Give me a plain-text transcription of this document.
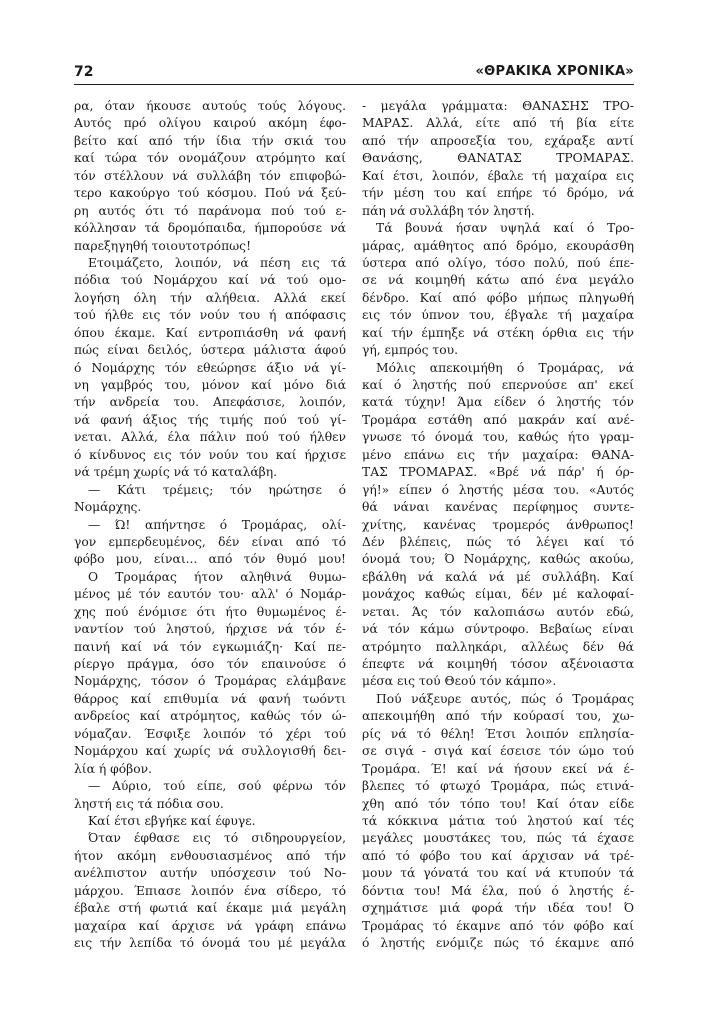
72	«ΘΡΑΚΙΚΑ ΧΡΟΝΙΚΑ»
ρα, όταν ήκουσε αυτούς τούς λόγους.
Αυτός πρό ολίγου καιρού ακόμη έφο-
βείτο καί από τήν ίδια τήν σκιά του
καί τώρα τόν ονομάζουν ατρόμητο καί
τόν στέλλουν νά συλλάβη τόν επιφοβώ-
τερο κακούργο τού κόσμου. Πού νά ξεύ-
ρη αυτός ότι τό παράνομα πού τού ε-
κόλλησαν τά δρομόπαιδα, ήμπορούσε νά
παρεξηγηθή τοιουτοτρόπως!
Ετοιμάζετο, λοιπόν, νά πέση εις τά
πόδια τού Νομάρχου καί νά τού ομο-
λογήση όλη τήν αλήθεια. Αλλά εκεί
τού ήλθε εις τόν νούν του ή απόφασις
όπου έκαμε. Καί εντροπιάσθη νά φανή
πώς είναι δειλός, ύστερα μάλιστα άφού
ό Νομάρχης τόν εθεώρησε άξιο νά γί-
νη γαμβρός του, μόνον καί μόνο διά
τήν ανδρεία του. Απεφάσισε, λοιπόν,
νά φανή άξιος τής τιμής πού τού γί-
νεται. Αλλά, έλα πάλιν πού τού ήλθεν
ό κίνδυνος εις τόν νούν του καί ήρχισε
νά τρέμη χωρίς νά τό καταλάβη.
— Κάτι τρέμεις; τόν ηρώτησε ό
Νομάρχης.
— Ώ! απήντησε ό Τρομάρας, ολί-
γον εμπερδευμένος, δέν είναι από τό
φόβο μου, είναι... από τόν θυμό μου!
Ο Τρομάρας ήτον αληθινά θυμω-
μένος μέ τόν εαυτόν του· αλλ' ό Νομάρ-
χης πού ένόμισε ότι ήτο θυμωμένος έ-
ναντίον τού ληστού, ήρχισε νά τόν έ-
παινή καί νά τόν εγκωμιάζη· Καί πε-
ρίεργο πράγμα, όσο τόν επαινούσε ό
Νομάρχης, τόσον ό Τρομάρας ελάμβανε
θάρρος καί επιθυμία νά φανή τωόντι
ανδρείος καί ατρόμητος, καθώς τόν ώ-
νόμαζαν. Έσφιξε λοιπόν τό χέρι τού
Νομάρχου καί χωρίς νά συλλογισθή δει-
λία ή φόβον.
— Αύριο, τού είπε, σού φέρνω τόν
ληστή εις τά πόδια σου.
Καί έτσι εβγήκε καί έφυγε.
Όταν έφθασε εις τό σιδηρουργείον,
ήτον ακόμη ενθουσιασμένος από τήν
ανέλπιστον αυτήν υπόσχεσιν τού Νο-
μάρχου. Έπιασε λοιπόν ένα σίδερο, τό
έβαλε στή φωτιά καί έκαμε μιά μεγάλη
μαχαίρα καί άρχισε νά γράφη επάνω
εις τήν λεπίδα τό όνομά του μέ μεγάλα
- μεγάλα γράμματα: ΘΑΝΑΣΗΣ ΤΡΟ-
ΜΑΡΑΣ. Αλλά, είτε από τή βία είτε
από τήν απροσεξία του, εχάραξε αντί
Θανάσης, ΘΑΝΑΤΑΣ ΤΡΟΜΑΡΑΣ.
Καί έτσι, λοιπόν, έβαλε τή μαχαίρα εις
τήν μέση του καί επήρε τό δρόμο, νά
πάη νά συλλάβη τόν ληστή.
Τά βουνά ήσαν υψηλά καί ό Τρο-
μάρας, αμάθητος από δρόμο, εκουράσθη
ύστερα από ολίγο, τόσο πολύ, πού έπε-
σε νά κοιμηθή κάτω από ένα μεγάλο
δένδρο. Καί από φόβο μήπως πληγωθή
εις τόν ύπνον του, έβγαλε τή μαχαίρα
καί τήν έμπηξε νά στέκη όρθια εις τήν
γή, εμπρός του.
Μόλις απεκοιμήθη ό Τρομάρας, νά
καί ό ληστής πού επερνούσε απ' εκεί
κατά τύχην! Άμα είδεν ό ληστής τόν
Τρομάρα εστάθη από μακράν καί ανέ-
γνωσε τό όνομά του, καθώς ήτο γραμ-
μένο επάνω εις τήν μαχαίρα: ΘΑΝΑ-
ΤΑΣ ΤΡΟΜΑΡΑΣ. «Βρέ νά πάρ' ή όρ-
γή!» είπεν ό ληστής μέσα του. «Αυτός
θά νάναι κανένας περίφημος συντε-
χνίτης, κανένας τρομερός άνθρωπος!
Δέν βλέπεις, πώς τό λέγει καί τό
όνομά του; Ό Νομάρχης, καθώς ακούω,
εβάλθη νά καλά νά μέ συλλάβη. Καί
μονάχος καθώς είμαι, δέν μέ καλοφαί-
νεται. Άς τόν καλοπιάσω αυτόν εδώ,
νά τόν κάμω σύντροφο. Βεβαίως είναι
ατρόμητο παλληκάρι, αλλέως δέν θά
έπεφτε νά κοιμηθή τόσον αξένοιαστα
μέσα εις τού Θεού τόν κάμπο».
Πού νάξευρε αυτός, πώς ό Τρομάρας
απεκοιμήθη από τήν κούρασί του, χω-
ρίς νά τό θέλη! Έτσι λοιπόν επλησία-
σε σιγά - σιγά καί έσεισε τόν ώμο τού
Τρομάρα. Έ! καί νά ήσουν εκεί νά έ-
βλεπες τό φτωχό Τρομάρα, πώς ετινά-
χθη από τόν τόπο του! Καί όταν είδε
τά κόκκινα μάτια τού ληστού καί τές
μεγάλες μουστάκες του, πώς τά έχασε
από τό φόβο του καί άρχισαν νά τρέ-
μουν τά γόνατά του καί νά κτυπούν τά
δόντια του! Μά έλα, πού ό ληστής έ-
σχημάτισε μιά φορά τήν ιδέα του! Ό
Τρομάρας τό έκαμνε από τόν φόβο καί
ό ληστής ενόμιζε πώς τό έκαμνε από
